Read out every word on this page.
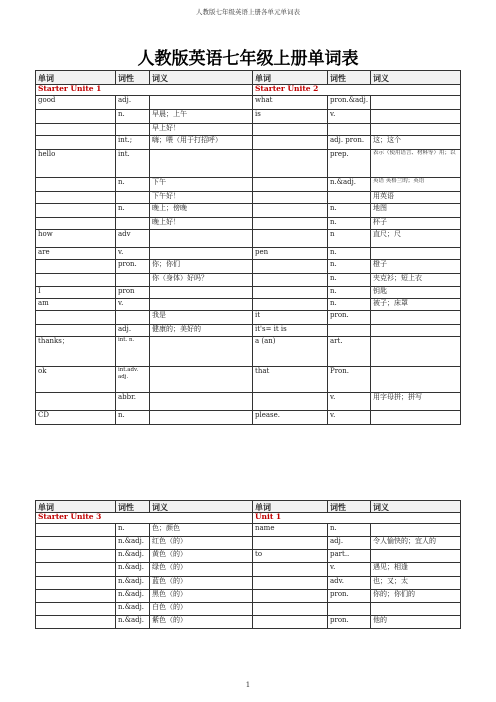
人教版七年级英语上册各单元单词表
人教版英语七年级上册单词表
单词	词性	词义	单词	词性	词义
Starter Unite 1			Starter Unite 2		
good	adj.		what	pron.&adj.	
	n.	早晨；上午	is	v.	
		早上好！			
	int.;	嗨；喂（用于打招呼）		adj. pron.	这；这个
hello	int.			prep.	表示（使用语言、材料等）用；以
	n.	下午		n.&adj.	英语 英格兰的；英语
		下午好！			用英语
	n.	晚上；傍晚		n.	地图
		晚上好！		n.	杯子
how	adv			n	直尺；尺
are	v.		pen	n.	
	pron.	你；你们		n.	橙子
		你（身体）好吗？		n.	夹克衫；短上衣
I	pron			n.	钥匙
am	v.			n.	被子；床罩
		我是	it	pron.	
	adj.	健康的；美好的	it's= it is		
thanks；	int. n.		a (an)	art.	
ok	int.adv. adj.		that	Pron.	
	abbr.			v.	用字母拼；拼写
CD	n.		please.	v.	
单词	词性	词义	单词	词性	词义
Starter Unite 3			Unit 1		
	n.	色；颜色	name	n.	
	n.&adj.	红色（的）		adj.	令人愉快的；宜人的
	n.&adj.	黄色（的）	to	part..	
	n.&adj.	绿色（的）		v.	遇见；相逢
	n.&adj.	蓝色（的）		adv.	也；又；太
	n.&adj.	黑色（的）		pron.	你的；你们的
	n.&adj.	白色（的）			
	n.&adj.	紫色（的）		pron.	他的
1
